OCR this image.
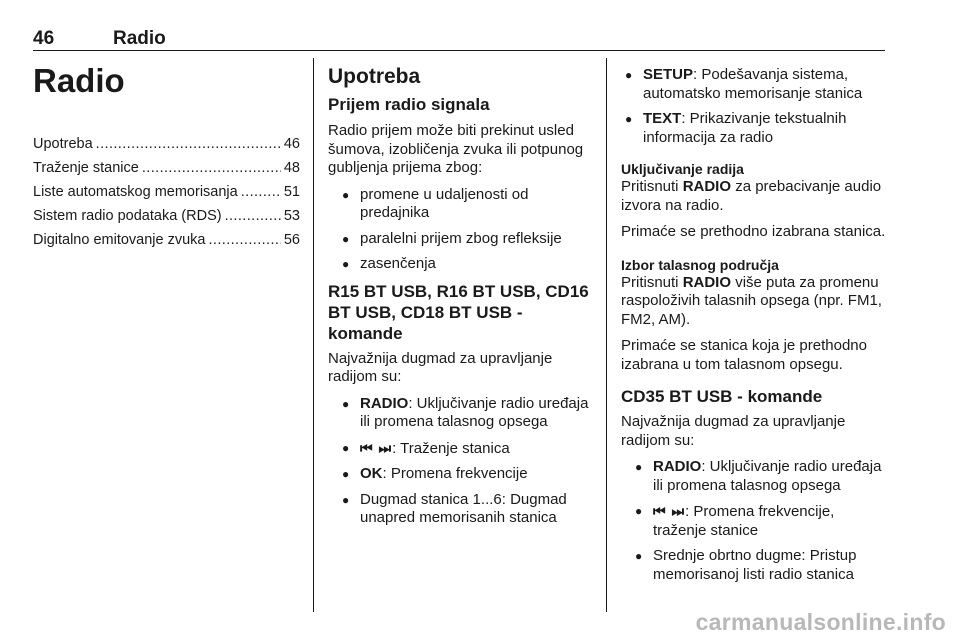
46	Radio
Radio
Upotreba .....	46
Traženje stanice .....	48
Liste automatskog memorisanja .....	51
Sistem radio podataka (RDS) .....	53
Digitalno emitovanje zvuka .....	56
Upotreba
Prijem radio signala

Radio prijem može biti prekinut usled šumova, izobličenja zvuka ili potpunog gubljenja prijema zbog:

● promene u udaljenosti od predajnika
● paralelni prijem zbog refleksije
● zasenčenja
R15 BT USB, R16 BT USB, CD16 BT USB, CD18 BT USB - komande

Najvažnija dugmad za upravljanje radijom su:

● RADIO: Uključivanje radio uređaja ili promena talasnog opsega
● ⏮ ⏭: Traženje stanica
● OK: Promena frekvencije
● Dugmad stanica 1...6: Dugmad unapred memorisanih stanica
● SETUP: Podešavanja sistema, automatsko memorisanje stanica
● TEXT: Prikazivanje tekstualnih informacija za radio
Uključivanje radija

Pritisnuti RADIO za prebacivanje audio izvora na radio.

Primaće se prethodno izabrana stanica.

Izbor talasnog područja

Pritisnuti RADIO više puta za promenu raspoloživih talasnih opsega (npr. FM1, FM2, AM).

Primaće se stanica koja je prethodno izabrana u tom talasnom opsegu.

CD35 BT USB - komande

Najvažnija dugmad za upravljanje radijom su:

● RADIO: Uključivanje radio uređaja ili promena talasnog opsega
● ⏮ ⏭: Promena frekvencije, traženje stanice
● Srednje obrtno dugme: Pristup memorisanoj listi radio stanica
carmanualsonline.info
